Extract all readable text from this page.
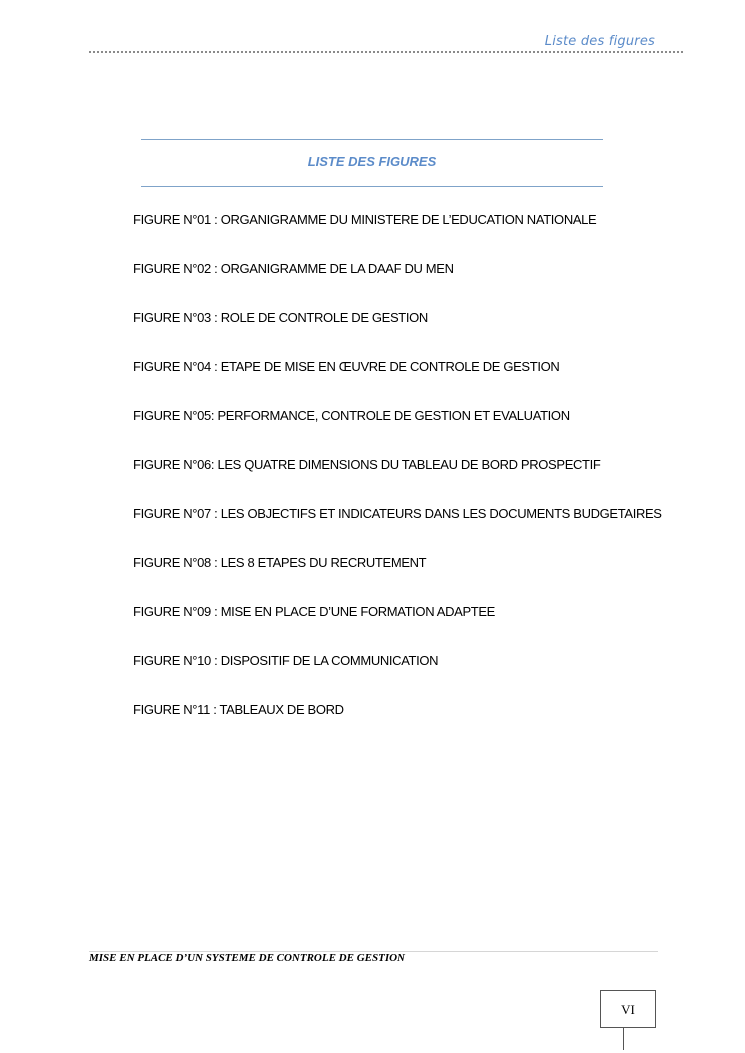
Liste des figures
LISTE DES FIGURES
FIGURE N°01 : ORGANIGRAMME DU MINISTERE DE L’EDUCATION NATIONALE
FIGURE N°02 : ORGANIGRAMME DE LA DAAF DU MEN
FIGURE N°03 : ROLE DE CONTROLE DE GESTION
FIGURE N°04 : ETAPE DE MISE EN ŒUVRE DE CONTROLE DE GESTION
FIGURE N°05: PERFORMANCE, CONTROLE DE GESTION ET EVALUATION
FIGURE N°06: LES QUATRE DIMENSIONS DU TABLEAU DE BORD PROSPECTIF
FIGURE N°07 : LES OBJECTIFS ET INDICATEURS DANS LES DOCUMENTS BUDGETAIRES
FIGURE N°08 : LES 8 ETAPES DU RECRUTEMENT
FIGURE N°09 : MISE EN PLACE D’UNE FORMATION ADAPTEE
FIGURE N°10 : DISPOSITIF DE LA COMMUNICATION
FIGURE N°11 : TABLEAUX DE BORD
MISE EN PLACE D’UN SYSTEME DE CONTROLE DE GESTION
VI
